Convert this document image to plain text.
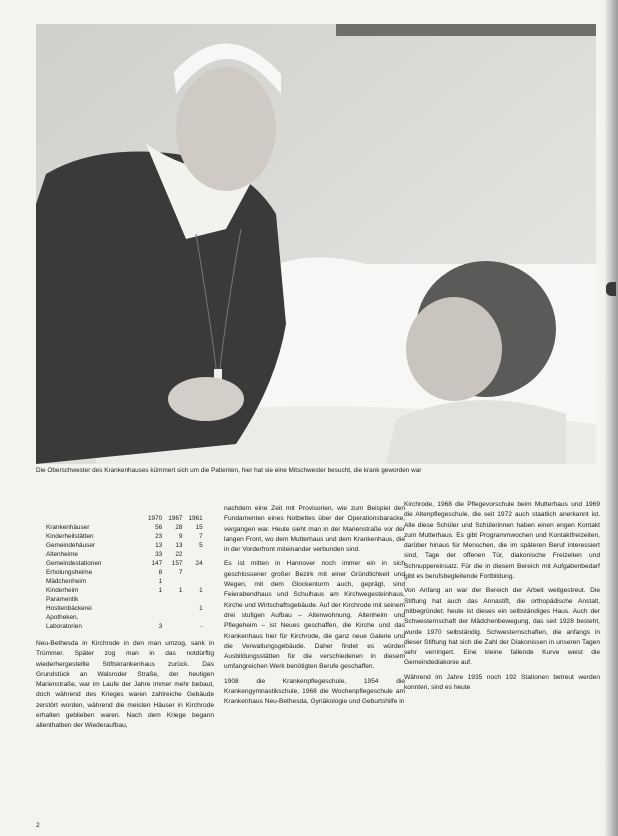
Die Oberschwester des Krankenhauses kümmert sich um die Patienten, hier hat sie eine Mitschwester besucht, die krank geworden war
	1970	1967	1961
Krankenhäuser	56	28	15
Kinderheilstätten	23	9	7
Gemeindehäuser	13	13	5
Altenheime	33	22	
Gemeindestationen	147	157	24
Erholungsheime	8	7	
Mädchenheim	1		
Kinderheim	1	1	1
Paramentik			
Hostienbäckerei			1
Apotheken,			
Laboratorien	3		-

Neu-Bethesda in Kirchrode in den man umzog, sank in Trümmer. Später zog man in das notdürftig wiederhergestellte Stiftskrankenhaus zurück. Das Grundstück an Walsroder Straße, der heutigen Marienstraße, war im Laufe der Jahre immer mehr bebaut, doch während des Krieges waren zahlreiche Gebäude zerstört worden, während die meisten Häuser in Kirchrode erhalten geblieben waren. Nach dem Kriege begann allenthalben der Wiederaufbau,

nachdem eine Zeit mit Provisorien, wie zum Beispiel den Fundamenten eines Notbettes über der Operationsbaracke, vergangen war. Heute sieht man in der Marienstraße vor der langen Front, wo dem Mutterhaus und dem Krankenhaus, die in der Vorderfront miteinander verbunden sind.

Es ist mitten in Hannover noch immer ein in sich geschlossener großer Bezirk mit einer Gründlichkeit und Wegen, mit dem Glockenturm auch, geprägt, sind Feierabendhaus und Schulhaus am Kirchwegesteinhaus, Kirche und Wirtschaftsgebäude. Auf der Kirchrode mit seinem drei stufigen Aufbau – Altenwohnung, Altenheim und Pflegeheim – ist Neues geschaffen, die Kirche und das Krankenhaus hier für Kirchrode, die ganz neue Galerie und die Verwaltungsgebäude. Daher findet es würden Ausbildungsstätten für die verschiedenen in diesem umfangreichen Werk benötigten Berufe geschaffen.

1908 die Krankenpflegeschule, 1954 die Krankengymnastikschule, 1968 die Wochenpflegeschule am Krankenhaus Neu-Bethesda, Gynäkologie und Geburtshilfe in

Kirchrode, 1968 die Pflegevorschule beim Mutterhaus und 1969 die Altenpflegeschule, die seit 1972 auch staatlich anerkannt ist. Alle diese Schüler und Schülerinnen haben einen engen Kontakt zum Mutterhaus. Es gibt Programmwochen und Kontaktfreizeiten, darüber hinaus für Menschen, die im späteren Beruf interessiert sind, Tage der offenen Tür, diakonische Freizeiten und Schnuppereinsatz. Für die in diesem Bereich mit Aufgabenbedarf gibt es berufsbegleitende Fortbildung.

Von Anfang an war der Bereich der Arbeit weitgestreut. Die Stiftung hat auch das Annastift, die orthopädische Anstalt, mitbegründet; heute ist dieses ein selbständiges Haus. Auch der Schwesternschaft der Mädchenbewegung, das seit 1928 besteht, wurde 1970 selbständig. Schwesternschaften, die anfangs in dieser Stiftung hat sich die Zahl der Diakonissen in unseren Tagen sehr verringert. Eine kleine fallende Kurve weist die Gemeindediakonie auf.

Während im Jahre 1935 noch 192 Stationen betreut werden konnten, sind es heute

2
